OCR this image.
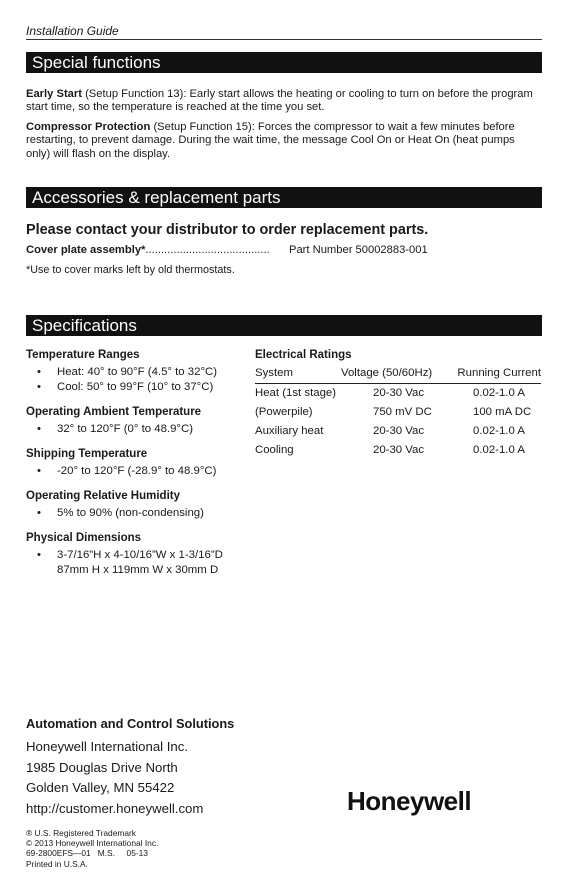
Installation Guide
Special functions
Early Start (Setup Function 13): Early start allows the heating or cooling to turn on before the program start time, so the temperature is reached at the time you set.
Compressor Protection (Setup Function 15): Forces the compressor to wait a few minutes before restarting, to prevent damage. During the wait time, the message Cool On or Heat On (heat pumps only) will flash on the display.
Accessories & replacement parts
Please contact your distributor to order replacement parts.
Cover plate assembly*........................................ Part Number 50002883-001
*Use to cover marks left by old thermostats.
Specifications
Temperature Ranges
• Heat: 40° to 90°F (4.5° to 32°C)
• Cool: 50° to 99°F (10° to 37°C)
Operating Ambient Temperature
• 32° to 120°F (0° to 48.9°C)
Shipping Temperature
• -20° to 120°F (-28.9° to 48.9°C)
Operating Relative Humidity
• 5% to 90% (non-condensing)
Physical Dimensions
• 3-7/16”H x 4-10/16”W x 1-3/16”D
87mm H x 119mm W x 30mm D
Electrical Ratings
System	Voltage (50/60Hz)	Running Current
Heat (1st stage)	20-30 Vac	0.02-1.0 A
(Powerpile)	750 mV DC	100 mA DC
Auxiliary heat	20-30 Vac	0.02-1.0 A
Cooling	20-30 Vac	0.02-1.0 A
Automation and Control Solutions
Honeywell International Inc.
1985 Douglas Drive North
Golden Valley, MN 55422
http://customer.honeywell.com	Honeywell
® U.S. Registered Trademark
© 2013 Honeywell International Inc.
69-2800EFS—01   M.S.     05-13
Printed in U.S.A.
